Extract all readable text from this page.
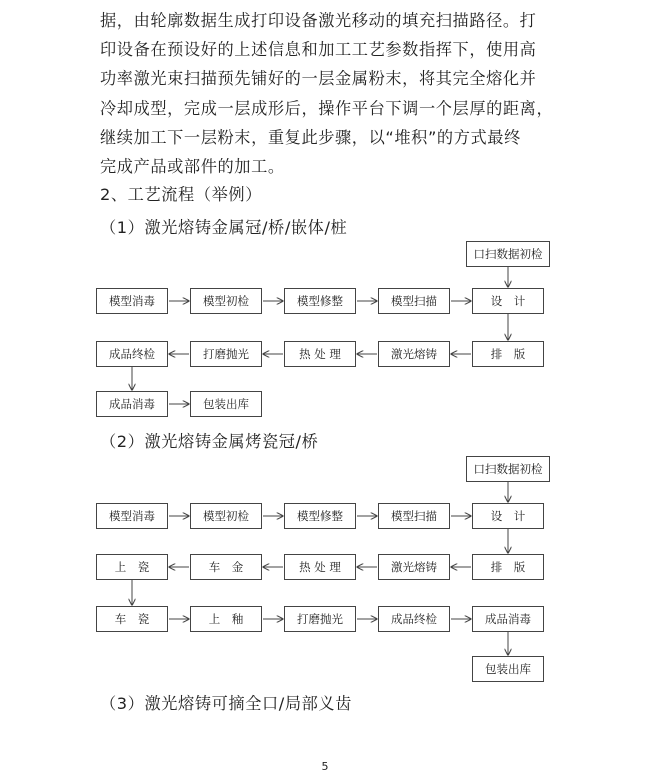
据，由轮廓数据生成打印设备激光移动的填充扫描路径。打
印设备在预设好的上述信息和加工工艺参数指挥下，使用高
功率激光束扫描预先铺好的一层金属粉末，将其完全熔化并
冷却成型，完成一层成形后，操作平台下调一个层厚的距离，
继续加工下一层粉末，重复此步骤，以“堆积”的方式最终
完成产品或部件的加工。
2、工艺流程（举例）
（1）激光熔铸金属冠/桥/嵌体/桩
（2）激光熔铸金属烤瓷冠/桥
（3）激光熔铸可摘全口/局部义齿
口扫数据初检
模型消毒	模型初检	模型修整	模型扫描	设　计
成品终检	打磨抛光	热 处 理	激光熔铸	排　版
成品消毒	包装出库
口扫数据初检
模型消毒	模型初检	模型修整	模型扫描	设　计
上　瓷	车　金	热 处 理	激光熔铸	排　版
车　瓷	上　釉	打磨抛光	成品终检	成品消毒
包装出库
5
